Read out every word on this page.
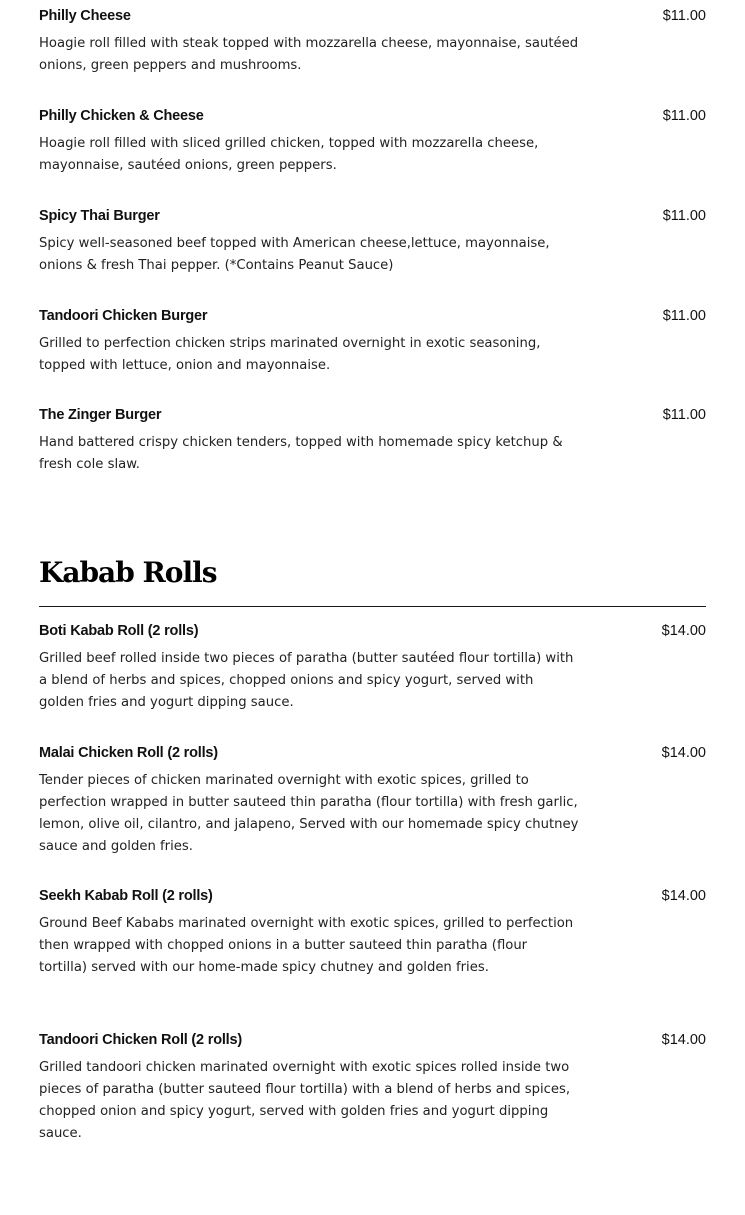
Philly Cheese	$11.00

Hoagie roll filled with steak topped with mozzarella cheese, mayonnaise, sautéed onions, green peppers and mushrooms.

Philly Chicken & Cheese	$11.00

Hoagie roll filled with sliced grilled chicken, topped with mozzarella cheese, mayonnaise, sautéed onions, green peppers.

Spicy Thai Burger	$11.00

Spicy well-seasoned beef topped with American cheese,lettuce, mayonnaise, onions & fresh Thai pepper. (*Contains Peanut Sauce)

Tandoori Chicken Burger	$11.00

Grilled to perfection chicken strips marinated overnight in exotic seasoning, topped with lettuce, onion and mayonnaise.

The Zinger Burger	$11.00

Hand battered crispy chicken tenders, topped with homemade spicy ketchup & fresh cole slaw.

Kabab Rolls

Boti Kabab Roll (2 rolls)	$14.00

Grilled beef rolled inside two pieces of paratha (butter sautéed flour tortilla) with a blend of herbs and spices, chopped onions and spicy yogurt, served with golden fries and yogurt dipping sauce.

Malai Chicken Roll (2 rolls)	$14.00

Tender pieces of chicken marinated overnight with exotic spices, grilled to perfection wrapped in butter sauteed thin paratha (flour tortilla) with fresh garlic, lemon, olive oil, cilantro, and jalapeno, Served with our homemade spicy chutney sauce and golden fries.

Seekh Kabab Roll (2 rolls)	$14.00

Ground Beef Kababs marinated overnight with exotic spices, grilled to perfection then wrapped with chopped onions in a butter sauteed thin paratha (flour tortilla) served with our home-made spicy chutney and golden fries.

Tandoori Chicken Roll (2 rolls)	$14.00

Grilled tandoori chicken marinated overnight with exotic spices rolled inside two pieces of paratha (butter sauteed flour tortilla) with a blend of herbs and spices, chopped onion and spicy yogurt, served with golden fries and yogurt dipping sauce.
